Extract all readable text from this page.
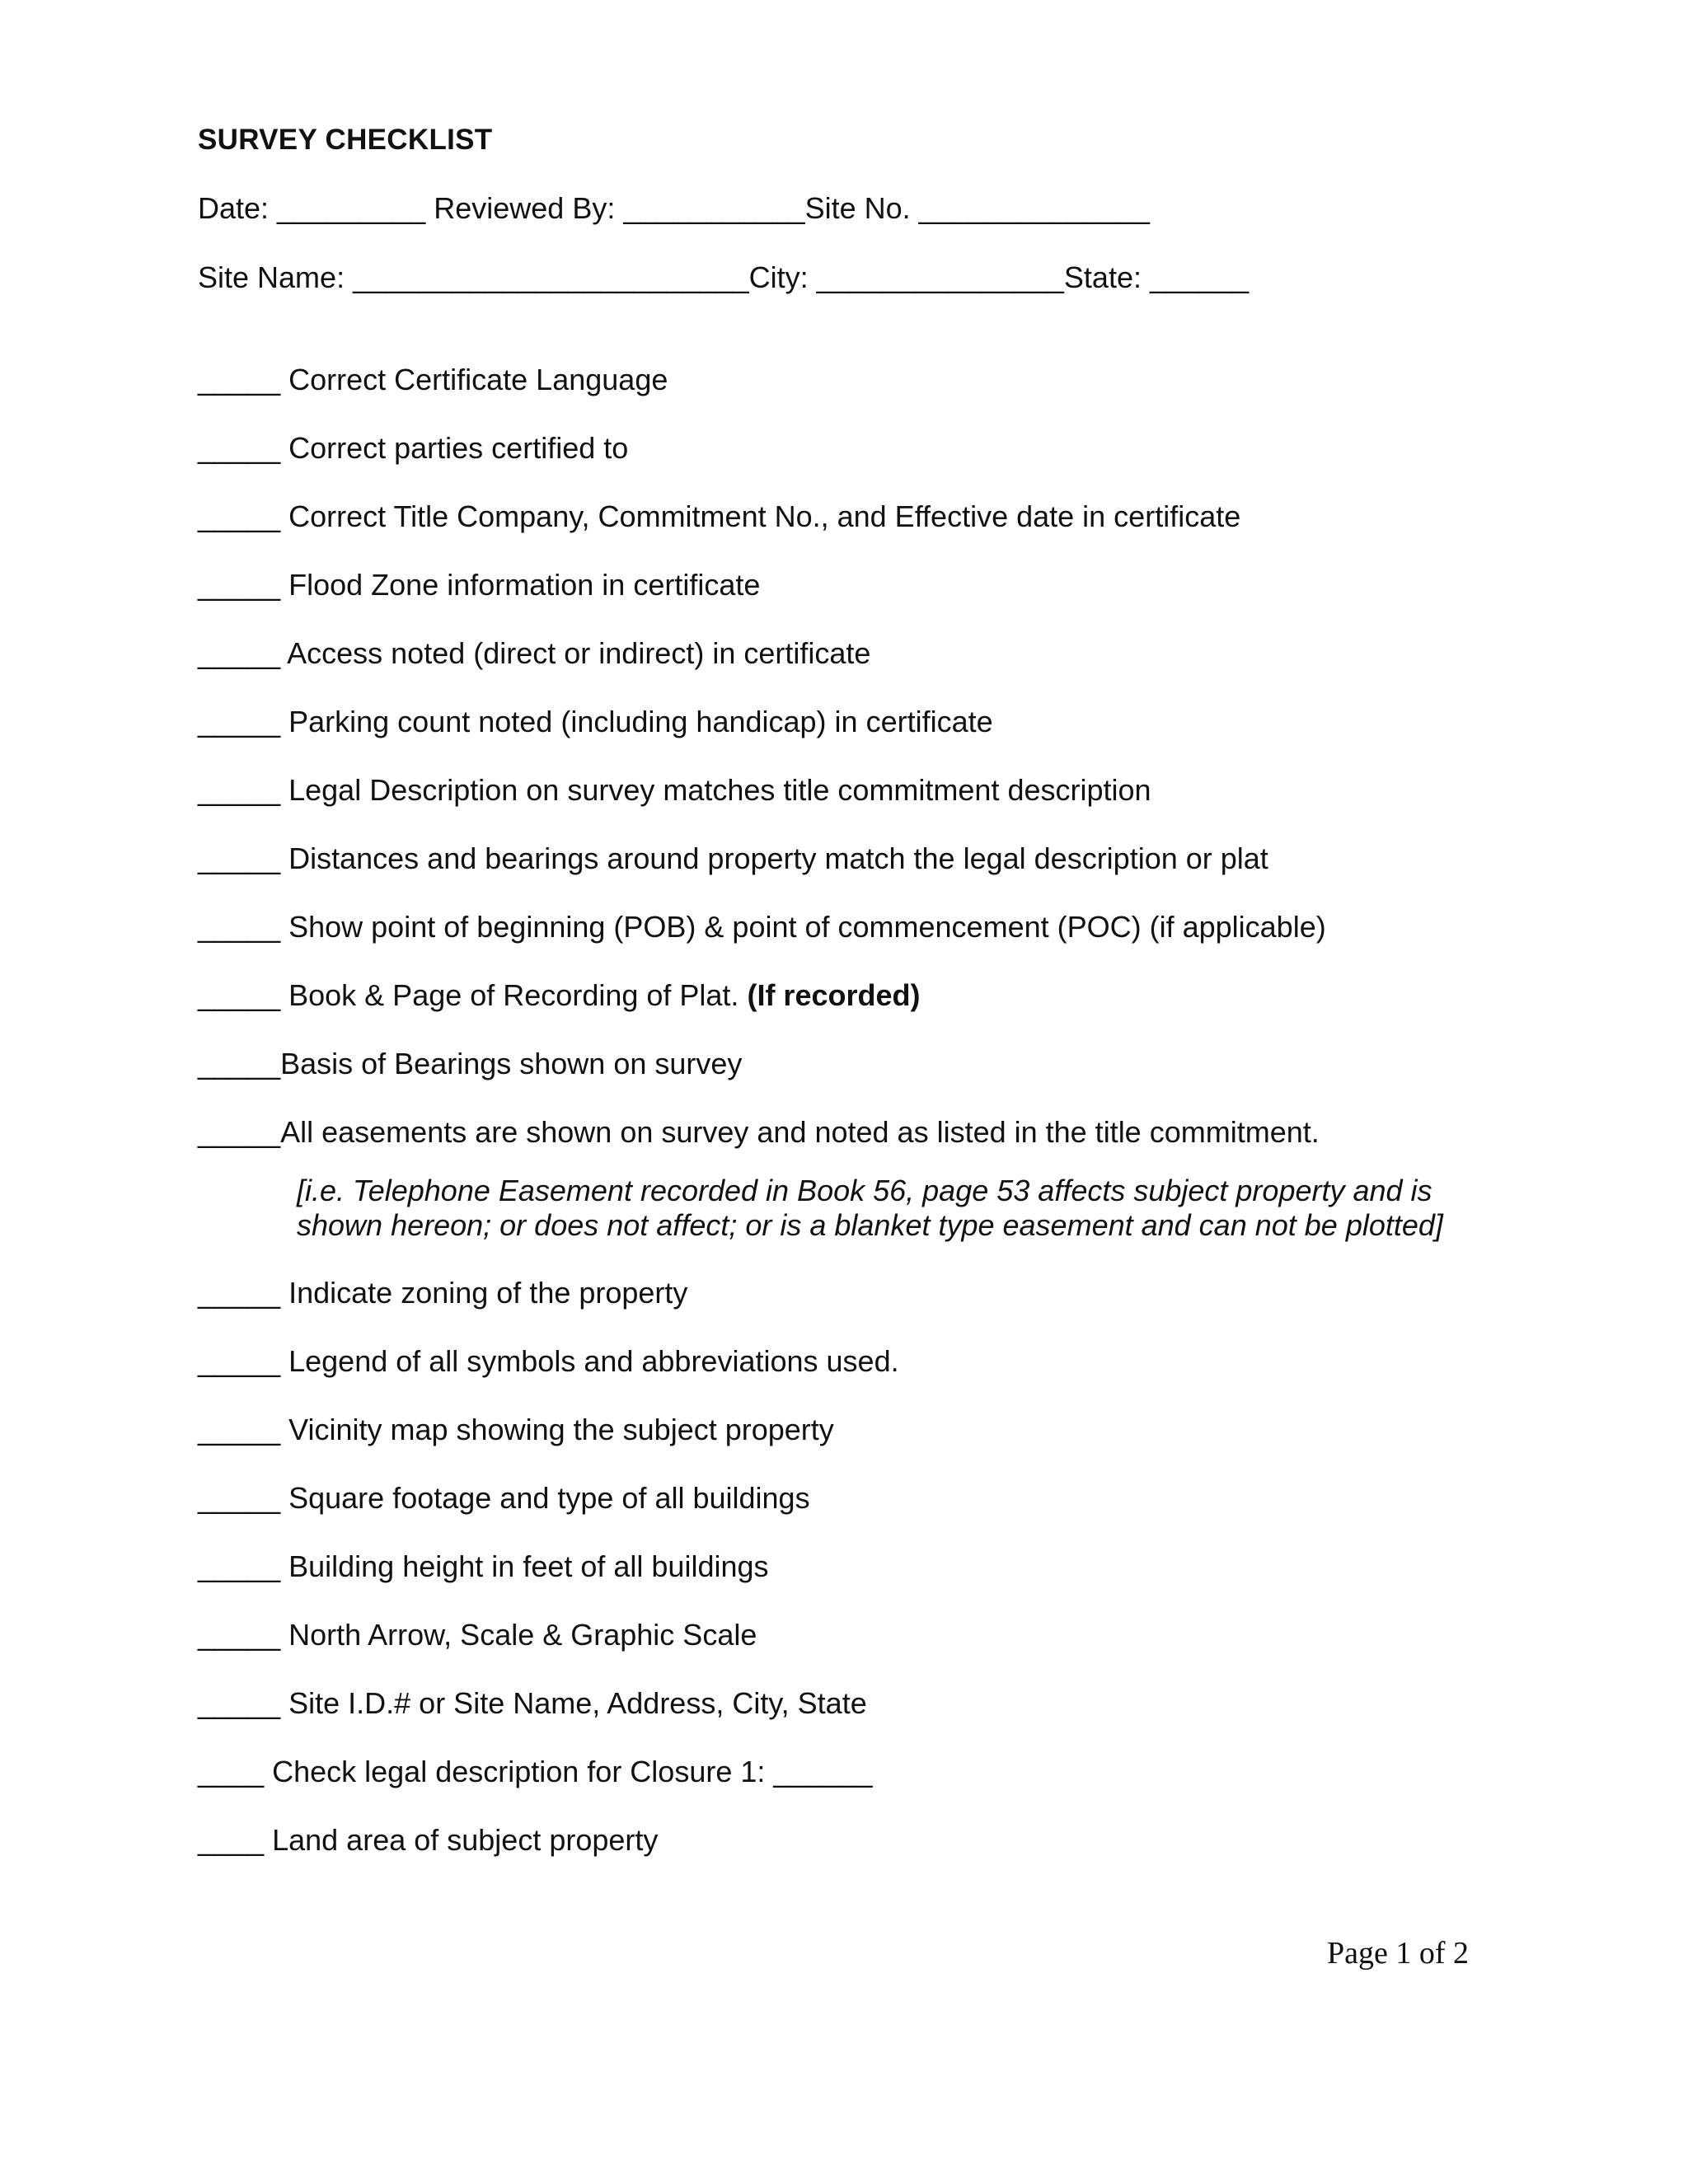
SURVEY CHECKLIST
Date: _________ Reviewed By: ___________Site No. ______________
Site Name: ________________________City: _______________State: ______
_____ Correct Certificate Language
_____ Correct parties certified to
_____ Correct Title Company, Commitment No., and Effective date in certificate
_____ Flood Zone information in certificate
_____ Access noted (direct or indirect) in certificate
_____ Parking count noted (including handicap) in certificate
_____ Legal Description on survey matches title commitment description
_____ Distances and bearings around property match the legal description or plat
_____ Show point of beginning (POB) & point of commencement (POC) (if applicable)
_____ Book & Page of Recording of Plat. (If recorded)
_____Basis of Bearings shown on survey
_____All easements are shown on survey and noted as listed in the title commitment.
[i.e. Telephone Easement recorded in Book 56, page 53 affects subject property and is shown hereon; or does not affect; or is a blanket type easement and can not be plotted]
_____ Indicate zoning of the property
_____ Legend of all symbols and abbreviations used.
_____ Vicinity map showing the subject property
_____ Square footage and type of all buildings
_____ Building height in feet of all buildings
_____ North Arrow, Scale & Graphic Scale
_____ Site I.D.# or Site Name, Address, City, State
____ Check legal description for Closure 1: ______
____ Land area of subject property
Page 1 of 2
